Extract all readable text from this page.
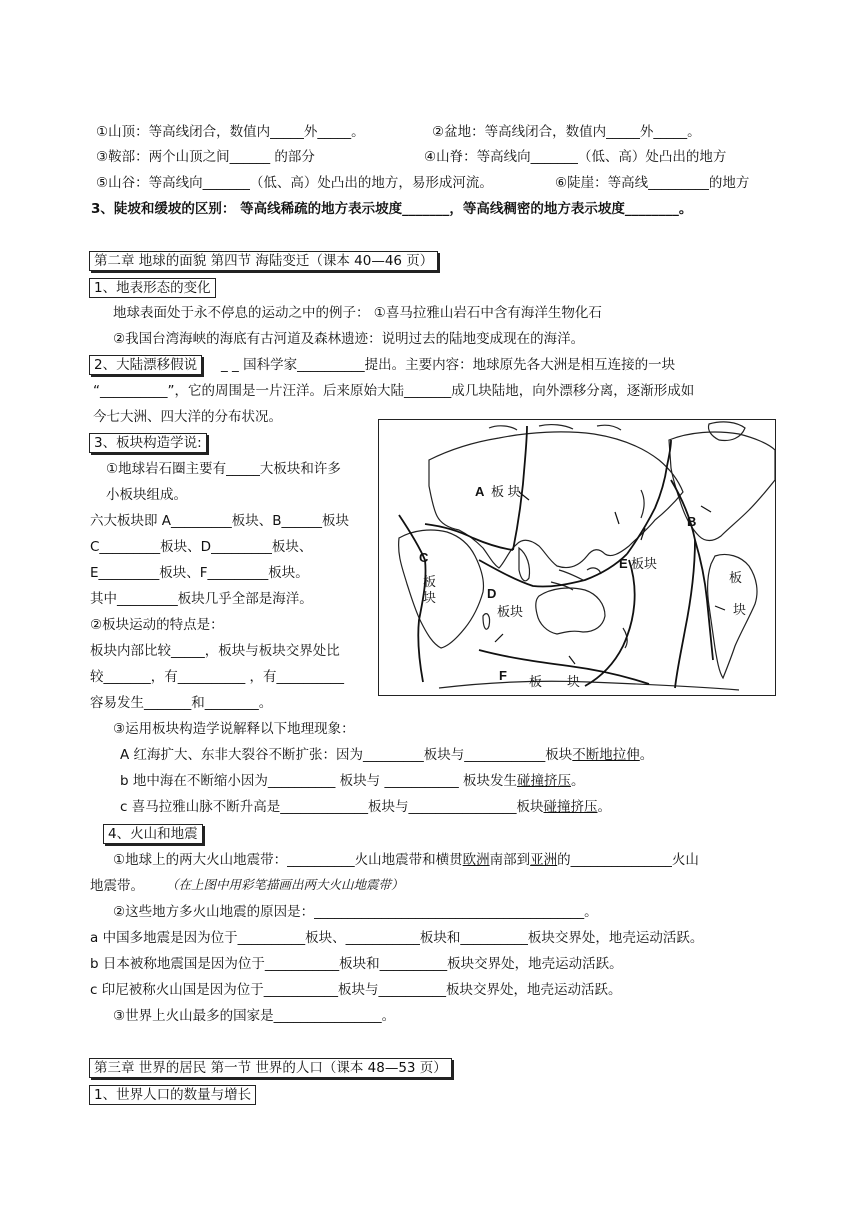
①山顶：等高线闭合，数值内_____外_____。	②盆地：等高线闭合，数值内_____外_____。
③鞍部：两个山顶之间______ 的部分	④山脊：等高线向_______（低、高）处凸出的地方
⑤山谷：等高线向_______（低、高）处凸出的地方，易形成河流。	⑥陡崖：等高线_________的地方
3、陡坡和缓坡的区别： 等高线稀疏的地方表示坡度_______，等高线稠密的地方表示坡度________。
第二章 地球的面貌 第四节 海陆变迁（课本 40—46 页）
1、地表形态的变化
地球表面处于永不停息的运动之中的例子： ①喜马拉雅山岩石中含有海洋生物化石
②我国台湾海峡的海底有古河道及森林遗迹：说明过去的陆地变成现在的海洋。
2、大陆漂移假说	_ _ 国科学家__________提出。主要内容：地球原先各大洲是相互连接的一块
“__________”，它的周围是一片汪洋。后来原始大陆_______成几块陆地，向外漂移分离，逐渐形成如
今七大洲、四大洋的分布状况。
3、板块构造学说:
①地球岩石圈主要有_____大板块和许多
小板块组成。
六大板块即 A_________板块、B______板块
C_________板块、D_________板块、
E_________板块、F_________板块。
其中_________板块几乎全部是海洋。
②板块运动的特点是：
板块内部比较_____，板块与板块交界处比
较_______，有__________ ，有__________
容易发生_______和________。
③运用板块构造学说解释以下地理现象：
A 红海扩大、东非大裂谷不断扩张：因为_________板块与____________板块不断地拉伸。
b 地中海在不断缩小因为__________ 板块与 ___________ 板块发生碰撞挤压。
c 喜马拉雅山脉不断升高是_____________板块与________________板块碰撞挤压。
4、火山和地震
①地球上的两大火山地震带：__________火山地震带和横贯欧洲南部到亚洲的_______________火山
地震带。 （在上图中用彩笔描画出两大火山地震带）
②这些地方多火山地震的原因是：________________________________________。
a 中国多地震是因为位于__________板块、___________板块和__________板块交界处，地壳运动活跃。
b 日本被称地震国是因为位于___________板块和__________板块交界处，地壳运动活跃。
c 印尼被称火山国是因为位于___________板块与__________板块交界处，地壳运动活跃。
③世界上火山最多的国家是________________。
第三章 世界的居民 第一节 世界的人口（课本 48—53 页）
1、世界人口的数量与增长
A 板 块
B
C
板
块	D
板块
E 板块
F 板 块
板
块
